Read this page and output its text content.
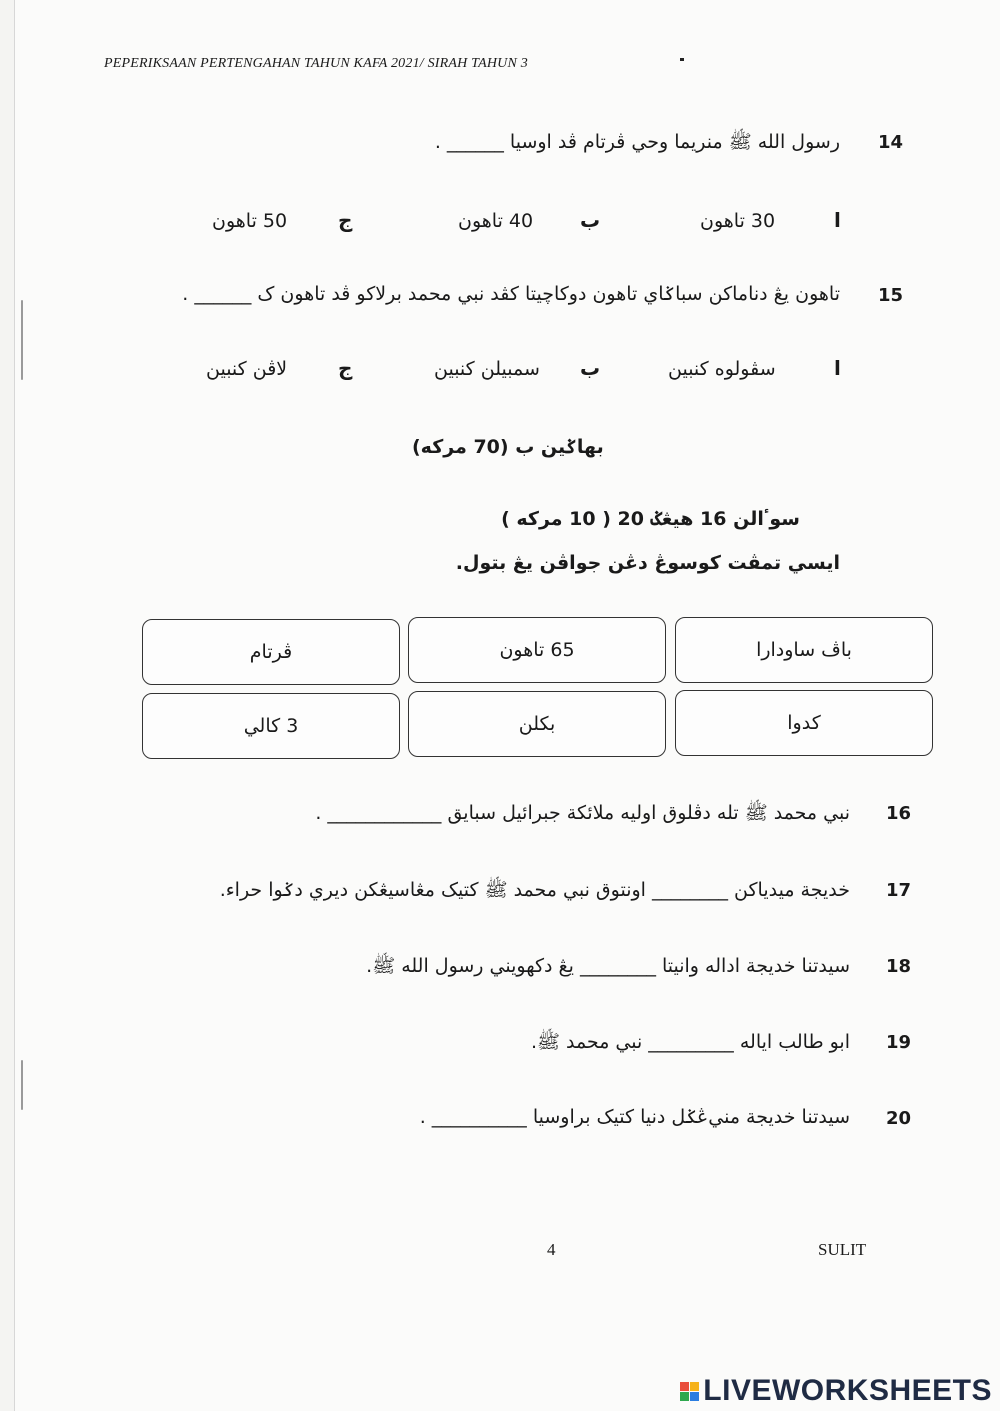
PEPERIKSAAN PERTENGAHAN TAHUN KAFA 2021/ SIRAH TAHUN 3
14
رسول الله ﷺ منريما وحي ڤرتام ڤد اوسيا ______ .
ا
30 تاهون
ب
40 تاهون
ج
50 تاهون
15
تاهون يڠ دناماکن سباݢاي تاهون دوکاچيتا کڤد نبي محمد برلاکو ڤد تاهون ک ______ .
ا
سڤولوه کنبين
ب
سمبيلن کنبين
ج
لاڤن کنبين
بهاݢين ب (70 مرکه)
سوٴالن 16 هيڠݢ 20 ( 10 مرکه )
ايسي تمڤت کوسوڠ دڠن جواڤن يڠ بتول.
باڤ ساودارا
65 تاهون
ڤرتام
کدوا
بکلن
3 کالي
16
نبي محمد ﷺ تله دڤلوق اوليه ملائکة جبرائيل سبايق ____________ .
17
خديجة ميدياکن ________ اونتوق نبي محمد ﷺ کتيک مڠاسيڠکن ديري دݢوا حراء.
18
سيدتنا خديجة اداله وانيتا ________ يڠ دکهويني رسول الله ﷺ.
19
ابو طالب اياله _________ نبي محمد ﷺ.
20
سيدتنا خديجة مني‌ڠݢل دنيا کتيک براوسيا __________ .
4	SULIT
LIVEWORKSHEETS
